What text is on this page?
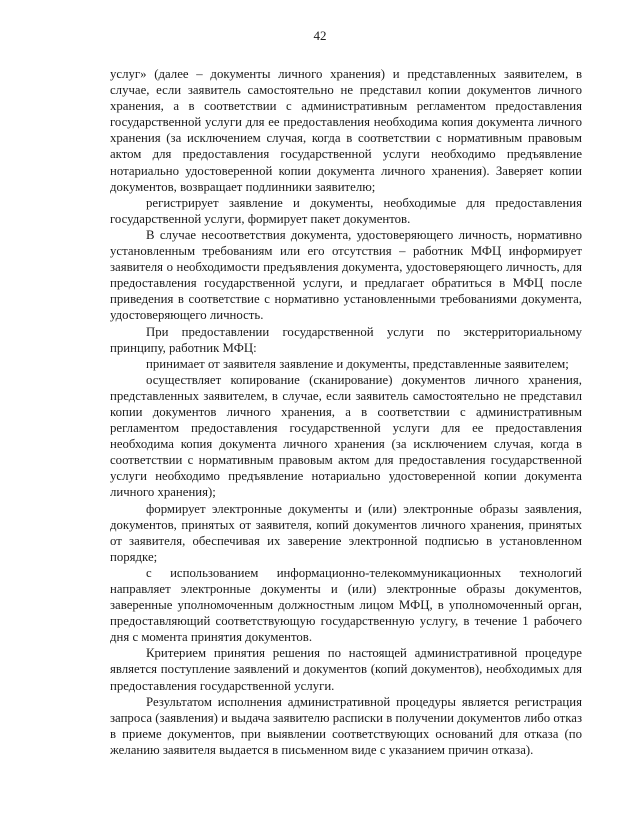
42

услуг» (далее – документы личного хранения) и представленных заявителем, в случае, если заявитель самостоятельно не представил копии документов личного хранения, а в соответствии с административным регламентом предоставления государственной услуги для ее предоставления необходима копия документа личного хранения (за исключением случая, когда в соответствии с нормативным правовым актом для предоставления государственной услуги необходимо предъявление нотариально удостоверенной копии документа личного хранения). Заверяет копии документов, возвращает подлинники заявителю;

регистрирует заявление и документы, необходимые для предоставления государственной услуги, формирует пакет документов.

В случае несоответствия документа, удостоверяющего личность, нормативно установленным требованиям или его отсутствия – работник МФЦ информирует заявителя о необходимости предъявления документа, удостоверяющего личность, для предоставления государственной услуги, и предлагает обратиться в МФЦ после приведения в соответствие с нормативно установленными требованиями документа, удостоверяющего личность.

При предоставлении государственной услуги по экстерриториальному принципу, работник МФЦ:

принимает от заявителя заявление и документы, представленные заявителем;

осуществляет копирование (сканирование) документов личного хранения, представленных заявителем, в случае, если заявитель самостоятельно не представил копии документов личного хранения, а в соответствии с административным регламентом предоставления государственной услуги для ее предоставления необходима копия документа личного хранения (за исключением случая, когда в соответствии с нормативным правовым актом для предоставления государственной услуги необходимо предъявление нотариально удостоверенной копии документа личного хранения);

формирует электронные документы и (или) электронные образы заявления, документов, принятых от заявителя, копий документов личного хранения, принятых от заявителя, обеспечивая их заверение электронной подписью в установленном порядке;

с использованием информационно-телекоммуникационных технологий направляет электронные документы и (или) электронные образы документов, заверенные уполномоченным должностным лицом МФЦ, в уполномоченный орган, предоставляющий соответствующую государственную услугу, в течение 1 рабочего дня с момента принятия документов.

Критерием принятия решения по настоящей административной процедуре является поступление заявлений и документов (копий документов), необходимых для предоставления государственной услуги.

Результатом исполнения административной процедуры является регистрация запроса (заявления) и выдача заявителю расписки в получении документов либо отказ в приеме документов, при выявлении соответствующих оснований для отказа (по желанию заявителя выдается в письменном виде с указанием причин отказа).
